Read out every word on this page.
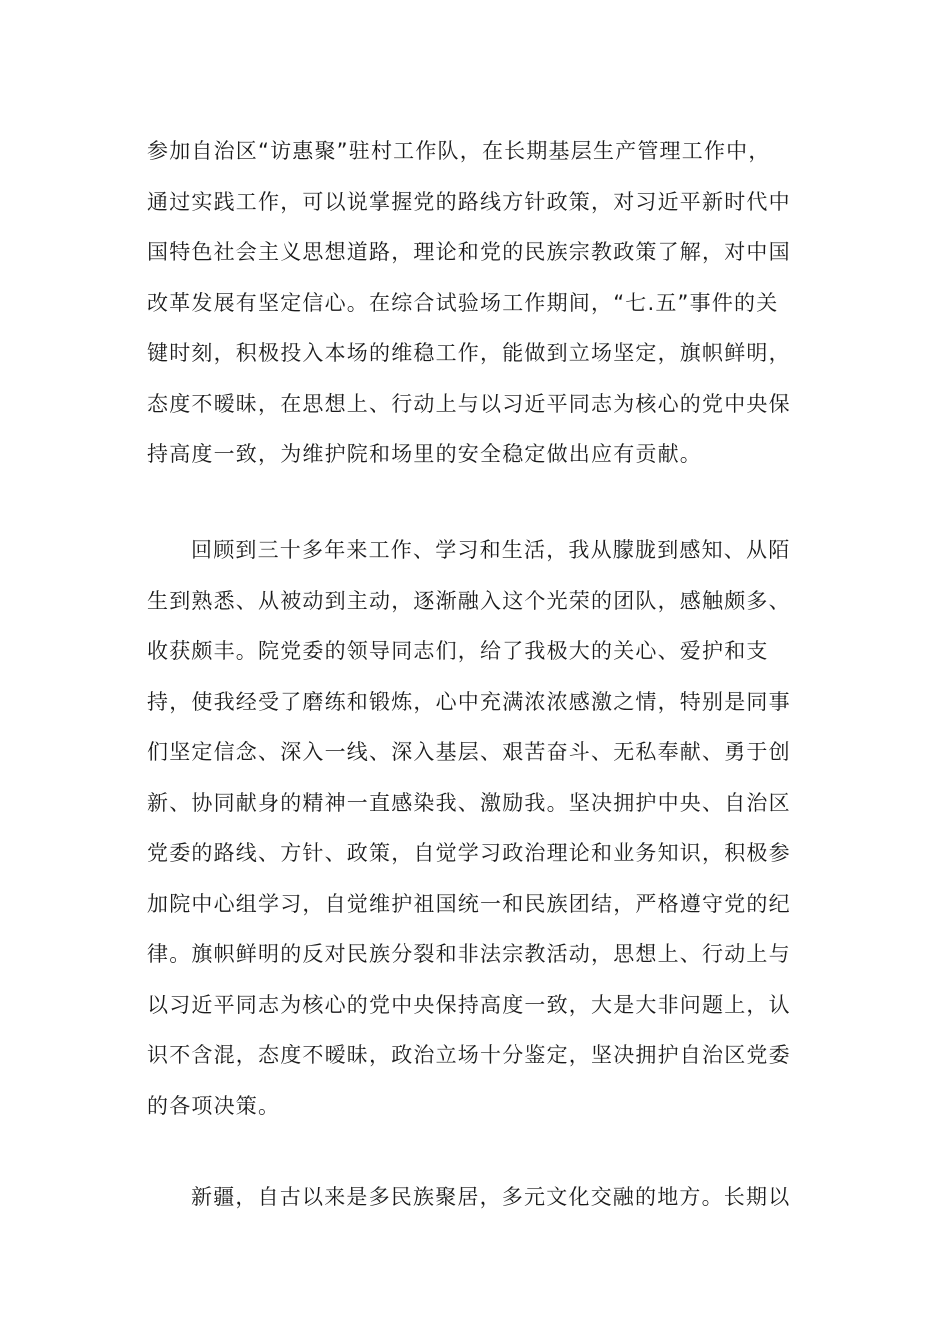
参加自治区“访惠聚”驻村工作队，在长期基层生产管理工作中，
通过实践工作，可以说掌握党的路线方针政策，对习近平新时代中
国特色社会主义思想道路，理论和党的民族宗教政策了解，对中国
改革发展有坚定信心。在综合试验场工作期间，“七.五”事件的关
键时刻，积极投入本场的维稳工作，能做到立场坚定，旗帜鲜明，
态度不暧昧，在思想上、行动上与以习近平同志为核心的党中央保
持高度一致，为维护院和场里的安全稳定做出应有贡献。

回顾到三十多年来工作、学习和生活，我从朦胧到感知、从陌
生到熟悉、从被动到主动，逐渐融入这个光荣的团队，感触颇多、
收获颇丰。院党委的领导同志们，给了我极大的关心、爱护和支
持，使我经受了磨练和锻炼，心中充满浓浓感激之情，特别是同事
们坚定信念、深入一线、深入基层、艰苦奋斗、无私奉献、勇于创
新、协同献身的精神一直感染我、激励我。坚决拥护中央、自治区
党委的路线、方针、政策，自觉学习政治理论和业务知识，积极参
加院中心组学习，自觉维护祖国统一和民族团结，严格遵守党的纪
律。旗帜鲜明的反对民族分裂和非法宗教活动，思想上、行动上与
以习近平同志为核心的党中央保持高度一致，大是大非问题上，认
识不含混，态度不暧昧，政治立场十分鉴定，坚决拥护自治区党委
的各项决策。

新疆，自古以来是多民族聚居，多元文化交融的地方。长期以
